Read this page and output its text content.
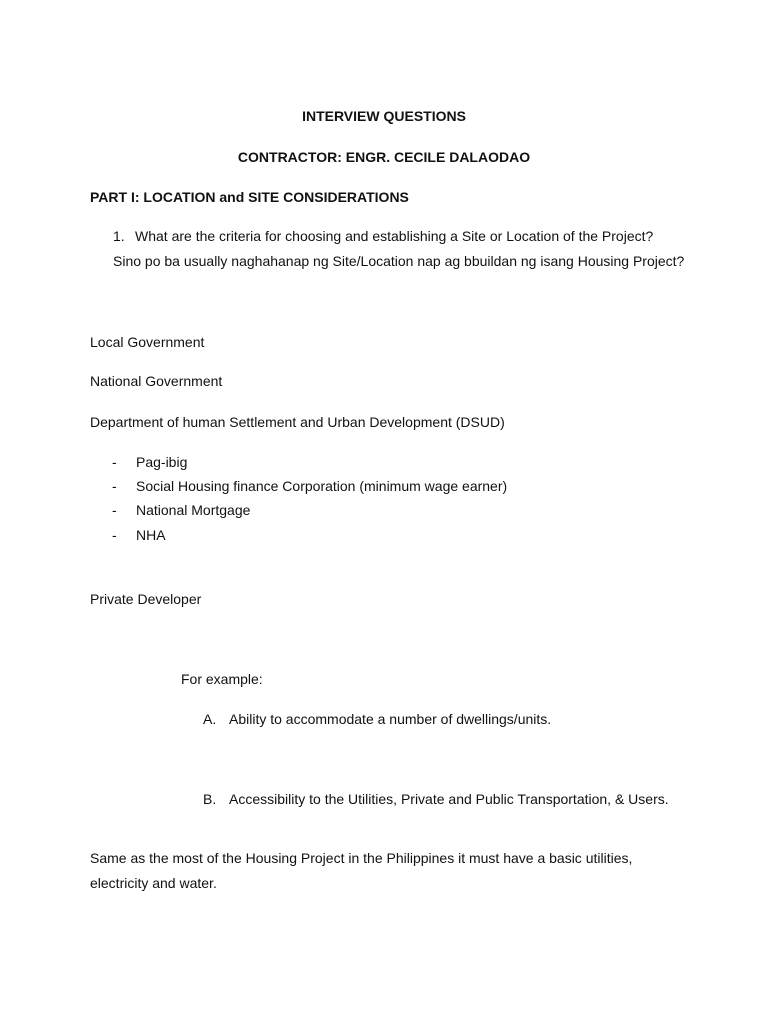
INTERVIEW QUESTIONS
CONTRACTOR: ENGR. CECILE DALAODAO
PART I: LOCATION and SITE CONSIDERATIONS
1. What are the criteria for choosing and establishing a Site or Location of the Project?
Sino po ba usually naghahanap ng Site/Location nap ag bbuildan ng isang Housing Project?
Local Government
National Government
Department of human Settlement and Urban Development (DSUD)
- Pag-ibig
- Social Housing finance Corporation (minimum wage earner)
- National Mortgage
- NHA
Private Developer
For example:
A. Ability to accommodate a number of dwellings/units.
B. Accessibility to the Utilities, Private and Public Transportation, & Users.
Same as the most of the Housing Project in the Philippines it must have a basic utilities,
electricity and water.
